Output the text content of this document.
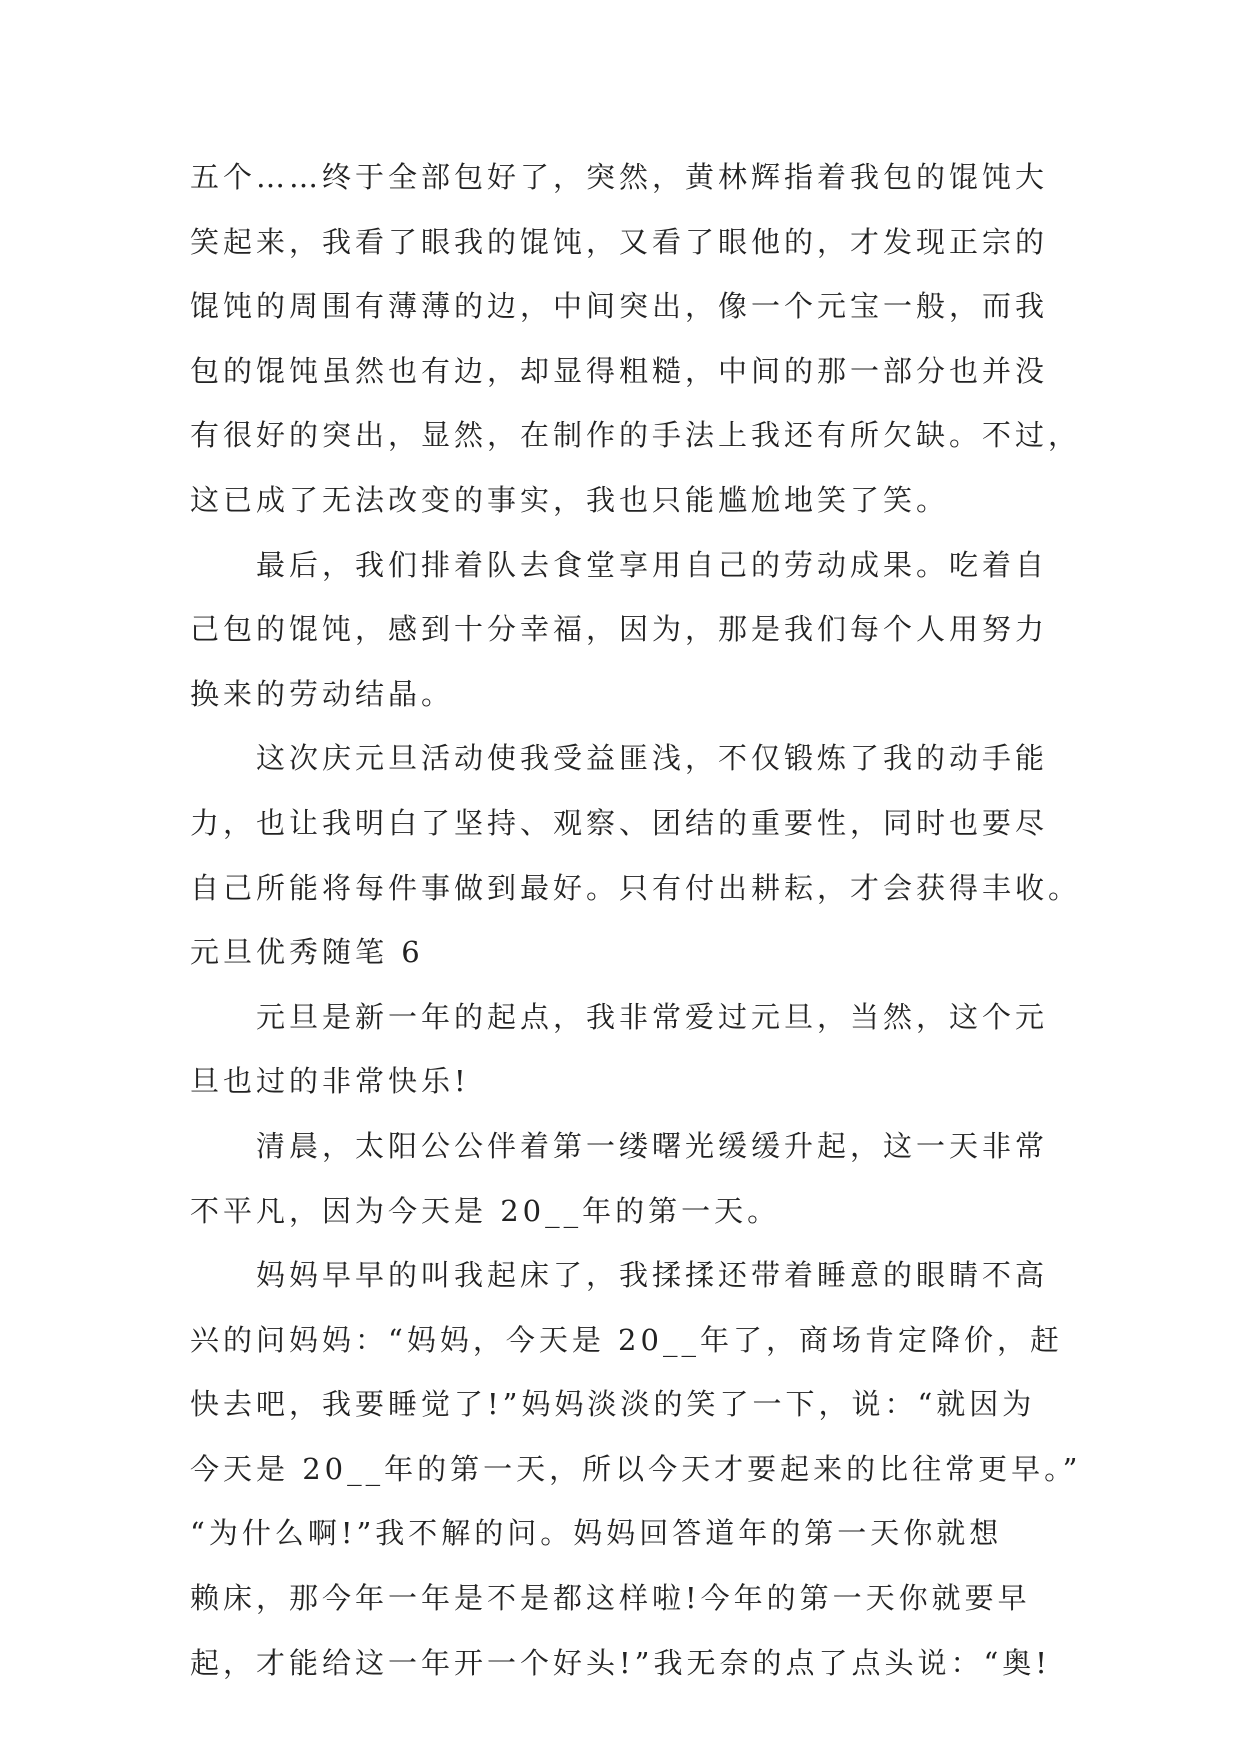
五个……终于全部包好了，突然，黄林辉指着我包的馄饨大
笑起来，我看了眼我的馄饨，又看了眼他的，才发现正宗的
馄饨的周围有薄薄的边，中间突出，像一个元宝一般，而我
包的馄饨虽然也有边，却显得粗糙，中间的那一部分也并没
有很好的突出，显然，在制作的手法上我还有所欠缺。不过，
这已成了无法改变的事实，我也只能尴尬地笑了笑。
最后，我们排着队去食堂享用自己的劳动成果。吃着自
己包的馄饨，感到十分幸福，因为，那是我们每个人用努力
换来的劳动结晶。
这次庆元旦活动使我受益匪浅，不仅锻炼了我的动手能
力，也让我明白了坚持、观察、团结的重要性，同时也要尽
自己所能将每件事做到最好。只有付出耕耘，才会获得丰收。
元旦优秀随笔 6
元旦是新一年的起点，我非常爱过元旦，当然，这个元
旦也过的非常快乐!
清晨，太阳公公伴着第一缕曙光缓缓升起，这一天非常
不平凡，因为今天是 20__年的第一天。
妈妈早早的叫我起床了，我揉揉还带着睡意的眼睛不高
兴的问妈妈：“妈妈，今天是 20__年了，商场肯定降价，赶
快去吧，我要睡觉了!”妈妈淡淡的笑了一下，说：“就因为
今天是 20__年的第一天，所以今天才要起来的比往常更早。”
“为什么啊!”我不解的问。妈妈回答道年的第一天你就想
赖床，那今年一年是不是都这样啦!今年的第一天你就要早
起，才能给这一年开一个好头!”我无奈的点了点头说：“奥!
